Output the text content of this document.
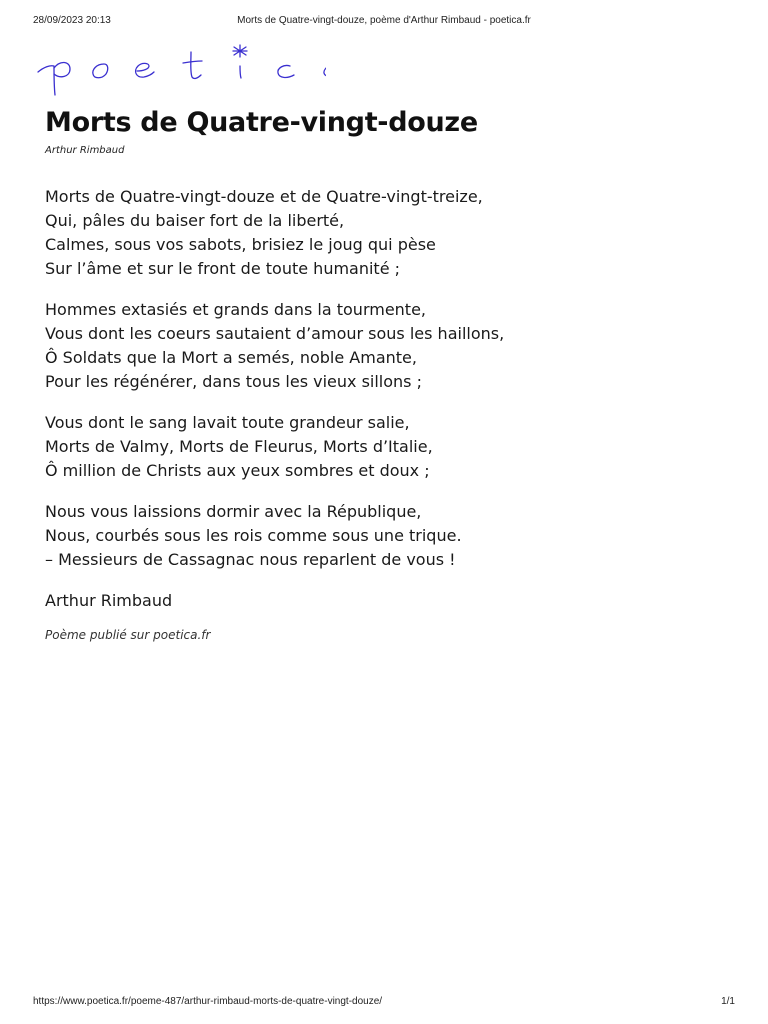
28/09/2023 20:13	Morts de Quatre-vingt-douze, poème d'Arthur Rimbaud - poetica.fr
Morts de Quatre-vingt-douze
Arthur Rimbaud
Morts de Quatre-vingt-douze et de Quatre-vingt-treize,
Qui, pâles du baiser fort de la liberté,
Calmes, sous vos sabots, brisiez le joug qui pèse
Sur l’âme et sur le front de toute humanité ;
Hommes extasiés et grands dans la tourmente,
Vous dont les coeurs sautaient d’amour sous les haillons,
Ô Soldats que la Mort a semés, noble Amante,
Pour les régénérer, dans tous les vieux sillons ;
Vous dont le sang lavait toute grandeur salie,
Morts de Valmy, Morts de Fleurus, Morts d’Italie,
Ô million de Christs aux yeux sombres et doux ;
Nous vous laissions dormir avec la République,
Nous, courbés sous les rois comme sous une trique.
– Messieurs de Cassagnac nous reparlent de vous !
Arthur Rimbaud
Poème publié sur poetica.fr
https://www.poetica.fr/poeme-487/arthur-rimbaud-morts-de-quatre-vingt-douze/	1/1
